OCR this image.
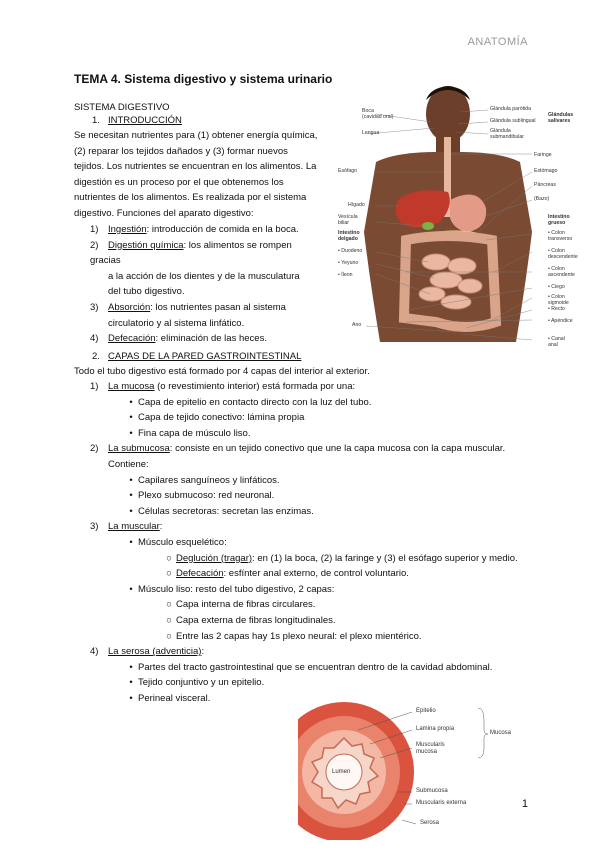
ANATOMÍA
TEMA 4. Sistema digestivo y sistema urinario
SISTEMA DIGESTIVO
1. INTRODUCCIÓN
Se necesitan nutrientes para (1) obtener energía química,
(2) reparar los tejidos dañados y (3) formar nuevos
tejidos. Los nutrientes se encuentran en los alimentos. La
digestión es un proceso por el que obtenemos los
nutrientes de los alimentos. Es realizada por el sistema
digestivo. Funciones del aparato digestivo:
1) Ingestión: introducción de comida en la boca.
2) Digestión química: los alimentos se rompen gracias
a la acción de los dientes y de la musculatura
del tubo digestivo.
3) Absorción: los nutrientes pasan al sistema
circulatorio y al sistema linfático.
4) Defecación: eliminación de las heces.
Boca
(cavidad oral)
Lengua
Esófago
Hígado
Vesícula
biliar
Intestino
delgado
• Duodeno
• Yeyuno
• Íleon
Ano
Glándula parótida
Glándula sublingual
Glándula
submandibular
Glándulas
salivares
Faringe
Estómago
Páncreas
(Bazo)
Intestino
grueso
• Colon
transverso
• Colon
descendente
• Colon
ascendente
• Ciego
• Colon sigmoide
• Recto
• Apéndice
• Canal
anal
2. CAPAS DE LA PARED GASTROINTESTINAL
Todo el tubo digestivo está formado por 4 capas del interior al exterior.
1) La mucosa (o revestimiento interior) está formada por una:
• Capa de epitelio en contacto directo con la luz del tubo.
• Capa de tejido conectivo: lámina propia
• Fina capa de músculo liso.
2) La submucosa: consiste en un tejido conectivo que une la capa mucosa con la capa muscular.
Contiene:
• Capilares sanguíneos y linfáticos.
• Plexo submucoso: red neuronal.
• Células secretoras: secretan las enzimas.
3) La muscular:
• Músculo esquelético:
○ Deglución (tragar): en (1) la boca, (2) la faringe y (3) el esófago superior y medio.
○ Defecación: esfínter anal externo, de control voluntario.
• Músculo liso: resto del tubo digestivo, 2 capas:
○ Capa interna de fibras circulares.
○ Capa externa de fibras longitudinales.
○ Entre las 2 capas hay 1s plexo neural: el plexo mientérico.
4) La serosa (adventicia):
• Partes del tracto gastrointestinal que se encuentran dentro de la cavidad abdominal.
• Tejido conjuntivo y un epitelio.
• Perineal visceral.
Epitelio
Lamina propia
Muscularis
mucosa
Mucosa
Lumen
Submucosa
Muscularis externa
Serosa
1
